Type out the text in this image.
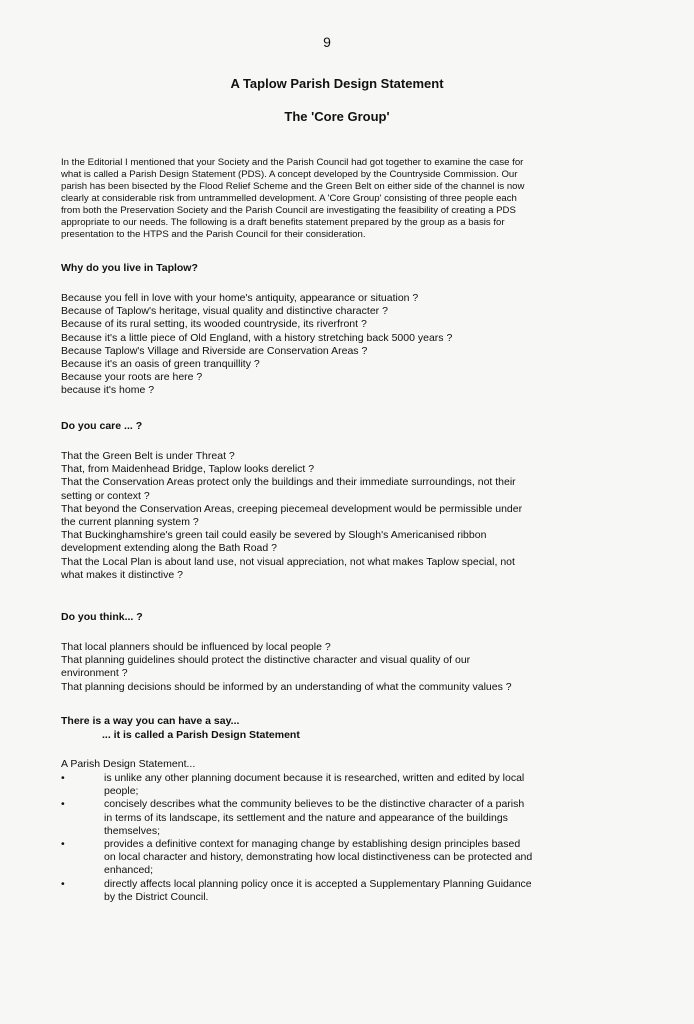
9
A Taplow Parish Design Statement
The 'Core Group'
In the Editorial I mentioned that your Society and the Parish Council had got together to examine the case for
what is called a Parish Design Statement (PDS). A concept developed by the Countryside Commission. Our
parish has been bisected by the Flood Relief Scheme and the Green Belt on either side of the channel is now
clearly at considerable risk from untrammelled development. A 'Core Group' consisting of three people each
from both the Preservation Society and the Parish Council are investigating the feasibility of creating a PDS
appropriate to our needs. The following is a draft benefits statement prepared by the group as a basis for
presentation to the HTPS and the Parish Council for their consideration.
Why do you live in Taplow?
Because you fell in love with your home's antiquity, appearance or situation ?
Because of Taplow's heritage, visual quality and distinctive character ?
Because of its rural setting, its wooded countryside, its riverfront ?
Because it's a little piece of Old England, with a history stretching back 5000 years ?
Because Taplow's Village and Riverside are Conservation Areas ?
Because it's an oasis of green tranquillity ?
Because your roots are here ?
because it's home ?
Do you care ... ?
That the Green Belt is under Threat ?
That, from Maidenhead Bridge, Taplow looks derelict ?
That the Conservation Areas protect only the buildings and their immediate surroundings, not their
setting or context ?
That beyond the Conservation Areas, creeping piecemeal development would be permissible under
the current planning system ?
That Buckinghamshire's green tail could easily be severed by Slough's Americanised ribbon
development extending along the Bath Road ?
That the Local Plan is about land use, not visual appreciation, not what makes Taplow special, not
what makes it distinctive ?
Do you think... ?
That local planners should be influenced by local people ?
That planning guidelines should protect the distinctive character and visual quality of our
environment ?
That planning decisions should be informed by an understanding of what the community values ?
There is a way you can have a say...
... it is called a Parish Design Statement
A Parish Design Statement...
•	is unlike any other planning document because it is researched, written and edited by local
people;
•	concisely describes what the community believes to be the distinctive character of a parish
in terms of its landscape, its settlement and the nature and appearance of the buildings
themselves;
•	provides a definitive context for managing change by establishing design principles based
on local character and history, demonstrating how local distinctiveness can be protected and
enhanced;
•	directly affects local planning policy once it is accepted a Supplementary Planning Guidance
by the District Council.
